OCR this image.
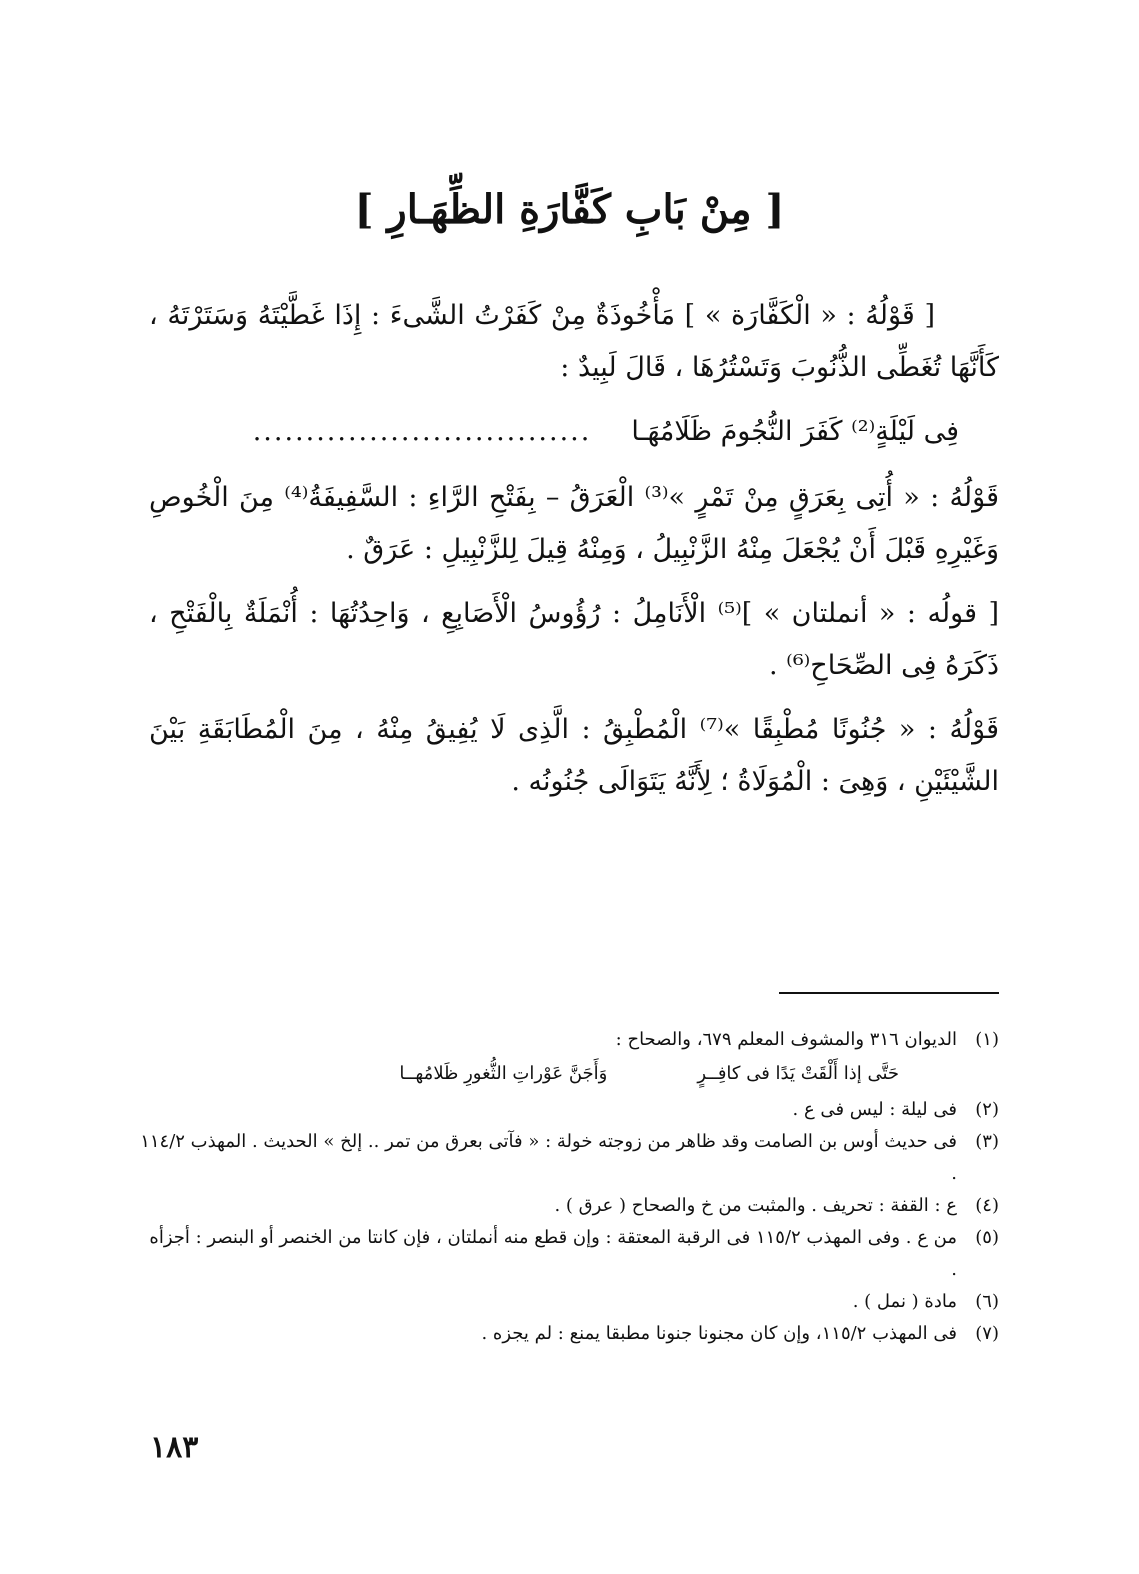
[ مِنْ بَابِ كَفَّارَةِ الظِّهَـارِ ]

[ قَوْلُهُ : « الْكَفَّارَة » ] مَأْخُوذَةٌ مِنْ كَفَرْتُ الشَّىءَ : إِذَا غَطَّيْتَهُ وَسَتَرْتَهُ ، كَأَنَّهَا تُغَطِّى الذُّنُوبَ وَتَسْتُرُهَا ، قَالَ لَبِيدٌ :

فِى لَيْلَةٍ⁽²⁾ كَفَرَ النُّجُومَ ظَلَامُهَـا
................................

قَوْلُهُ : « أُتِى بِعَرَقٍ مِنْ تَمْرٍ »⁽³⁾ الْعَرَقُ – بِفَتْحِ الرَّاءِ : السَّفِيفَةُ⁽⁴⁾ مِنَ الْخُوصِ وَغَيْرِهِ قَبْلَ أَنْ يُجْعَلَ مِنْهُ الزَّنْبِيلُ ، وَمِنْهُ قِيلَ لِلزَّنْبِيلِ : عَرَقٌ .

[ قولُه : « أنملتان » ]⁽⁵⁾ الْأَنَامِلُ : رُؤُوسُ الْأَصَابِعِ ، وَاحِدُتُهَا : أُنْمَلَةٌ بِالْفَتْحِ ، ذَكَرَهُ فِى الصِّحَاحِ⁽⁶⁾ .

قَوْلُهُ : « جُنُونًا مُطْبِقًا »⁽⁷⁾ الْمُطْبِقُ : الَّذِى لَا يُفِيقُ مِنْهُ ، مِنَ الْمُطَابَقَةِ بَيْنَ الشَّيْئَيْنِ ، وَهِىَ : الْمُوَلَاةُ ؛ لِأَنَّهُ يَتَوَالَى جُنُونُه .

(١)
الديوان ٣١٦ والمشوف المعلم ٦٧٩، والصحاح :
حَتَّى إذا أَلْقَتْ يَدًا فى كافِــرٍ
وَأَجَنَّ عَوْراتِ الثُّغورِ ظَلامُهــا
(٢)
فى ليلة : ليس فى ع .
(٣)
فى حديث أوس بن الصامت وقد ظاهر من زوجته خولة : « فآتى بعرق من تمر .. إلخ » الحديث . المهذب ١١٤/٢ .
(٤)
ع : القفة : تحريف . والمثبت من خ والصحاح ( عرق ) .
(٥)
من ع . وفى المهذب ١١٥/٢ فى الرقبة المعتقة : وإن قطع منه أنملتان ، فإن كانتا من الخنصر أو البنصر : أجزأه .
(٦)
مادة ( نمل ) .
(٧)
فى المهذب ١١٥/٢، وإن كان مجنونا جنونا مطبقا يمنع : لم يجزه .
١٨٣
